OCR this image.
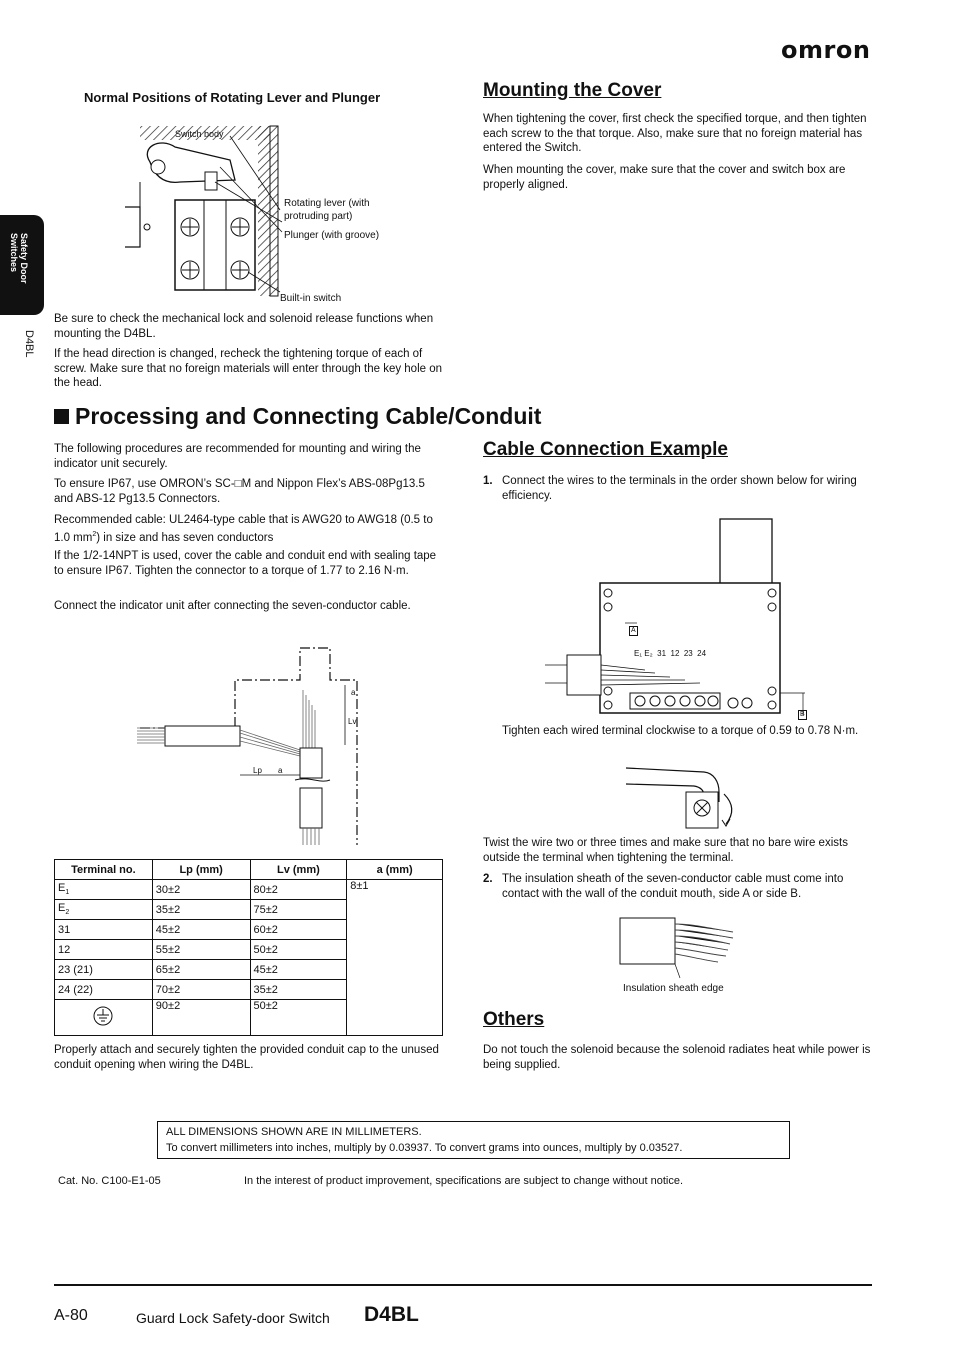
omron
Safety Door Switches
D4BL
Normal Positions of Rotating Lever and Plunger
Switch body
Rotating lever (with protruding part)
Plunger (with groove)
Built-in switch

Be sure to check the mechanical lock and solenoid release functions when mounting the D4BL.

If the head direction is changed, recheck the tightening torque of each of screw. Make sure that no foreign materials will enter through the key hole on the head.

Mounting the Cover

When tightening the cover, first check the specified torque, and then tighten each screw to the that torque. Also, make sure that no foreign material has entered the Switch.

When mounting the cover, make sure that the cover and switch box are properly aligned.

Processing and Connecting Cable/Conduit

The following procedures are recommended for mounting and wiring the indicator unit securely.

To ensure IP67, use OMRON’s SC-□M and Nippon Flex’s ABS-08Pg13.5 and ABS-12 Pg13.5 Connectors.

Recommended cable: UL2464-type cable that is AWG20 to AWG18 (0.5 to 1.0 $mm^2$) in size and has seven conductors

If the 1/2-14NPT is used, cover the cable and conduit end with sealing tape to ensure IP67. Tighten the connector to a torque of 1.77 to 2.16 N·m.

Connect the indicator unit after connecting the seven-conductor cable.

a
Lv
Lp a
Terminal no.	Lp (mm)	Lv (mm)	a (mm)
$E_1$	30±2	80±2	8±1
$E_2$	35±2	75±2	
31	45±2	60±2	
12	55±2	50±2	
23 (21)	65±2	45±2	
24 (22)	70±2	35±2	
	90±2	50±2	

Properly attach and securely tighten the provided conduit cap to the unused conduit opening when wiring the D4BL.

Cable Connection Example
1. Connect the wires to the terminals in the order shown below for wiring efficiency.

E₁ E₂  31  12  23  24
A
B

Tighten each wired terminal clockwise to a torque of 0.59 to 0.78 N·m.

Twist the wire two or three times and make sure that no bare wire exists outside the terminal when tightening the terminal.

2. The insulation sheath of the seven-conductor cable must come into contact with the wall of the conduit mouth, side A or side B.

Insulation sheath edge
Others

Do not touch the solenoid because the solenoid radiates heat while power is being supplied.

ALL DIMENSIONS SHOWN ARE IN MILLIMETERS.
To convert millimeters into inches, multiply by 0.03937. To convert grams into ounces, multiply by 0.03527.
Cat. No. C100-E1-05	In the interest of product improvement, specifications are subject to change without notice.
A-80	Guard Lock Safety-door Switch D4BL
